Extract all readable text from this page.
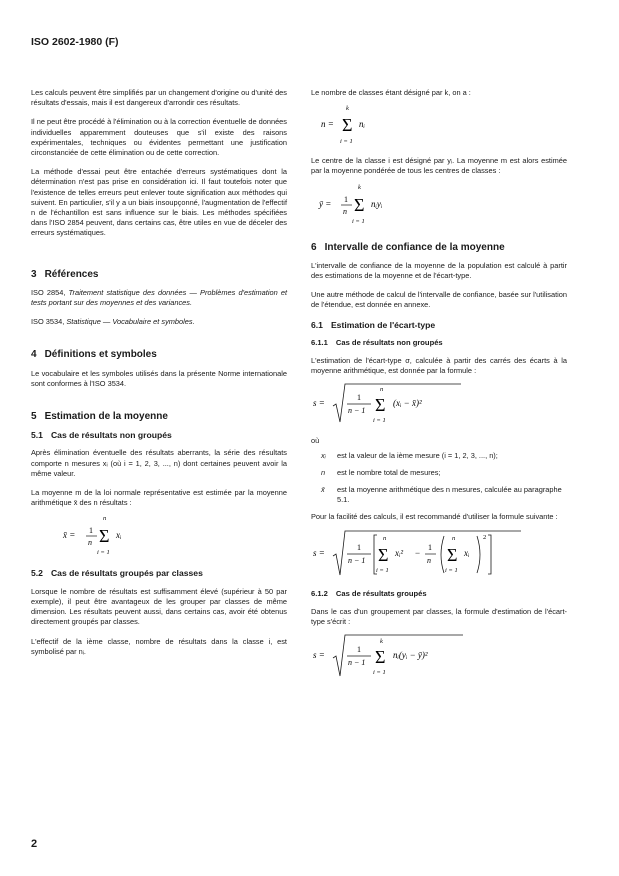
ISO 2602-1980 (F)

Les calculs peuvent être simplifiés par un changement d'origine ou d'unité des résultats d'essais, mais il est dangereux d'arrondir ces résultats.

Il ne peut être procédé à l'élimination ou à la correction éventuelle de données individuelles apparemment douteuses que s'il existe des raisons expérimentales, techniques ou évidentes permettant une justification circonstanciée de cette élimination ou de cette correction.

La méthode d'essai peut être entachée d'erreurs systématiques dont la détermination n'est pas prise en considération ici. Il faut toutefois noter que l'existence de telles erreurs peut enlever toute signification aux méthodes qui suivent. En particulier, s'il y a un biais insoupçonné, l'augmentation de l'effectif n de l'échantillon est sans influence sur le biais. Les méthodes spécifiées dans l'ISO 2854 peuvent, dans certains cas, être utiles en vue de déceler des erreurs systématiques.

3 Références

ISO 2854, Traitement statistique des données — Problèmes d'estimation et tests portant sur des moyennes et des variances.

ISO 3534, Statistique — Vocabulaire et symboles.

4 Définitions et symboles

Le vocabulaire et les symboles utilisés dans la présente Norme internationale sont conformes à l'ISO 3534.

5 Estimation de la moyenne
5.1 Cas de résultats non groupés

Après élimination éventuelle des résultats aberrants, la série des résultats comporte n mesures xᵢ (où i = 1, 2, 3, ..., n) dont certaines peuvent avoir la même valeur.

La moyenne m de la loi normale représentative est estimée par la moyenne arithmétique x̄ des n résultats :

x̄ = 1
n
n
Σ
i = 1
xᵢ
5.2 Cas de résultats groupés par classes

Lorsque le nombre de résultats est suffisamment élevé (supérieur à 50 par exemple), il peut être avantageux de les grouper par classes de même dimension. Les résultats peuvent aussi, dans certains cas, avoir été obtenus directement groupés par classes.

L'effectif de la ième classe, nombre de résultats dans la classe i, est symbolisé par nᵢ.

Le nombre de classes étant désigné par k, on a :

n =
k
Σ
i = 1
nᵢ

Le centre de la classe i est désigné par yᵢ. La moyenne m est alors estimée par la moyenne pondérée de tous les centres de classes :

ȳ = 1
n
k
Σ
i = 1
nᵢyᵢ
6 Intervalle de confiance de la moyenne

L'intervalle de confiance de la moyenne de la population est calculé à partir des estimations de la moyenne et de l'écart-type.

Une autre méthode de calcul de l'intervalle de confiance, basée sur l'utilisation de l'étendue, est donnée en annexe.

6.1 Estimation de l'écart-type
6.1.1 Cas de résultats non groupés

L'estimation de l'écart-type σ, calculée à partir des carrés des écarts à la moyenne arithmétique, est donnée par la formule :

s =
1
n − 1
n
Σ
i = 1
(xᵢ − x̄)²

où

xᵢ	est la valeur de la ième mesure (i = 1, 2, 3, ..., n);
n	est le nombre total de mesures;
x̄	est la moyenne arithmétique des n mesures, calculée au paragraphe 5.1.

Pour la facilité des calculs, il est recommandé d'utiliser la formule suivante :

s =
1
n − 1
n
Σ
i = 1
xᵢ² −
1
n
n
Σ
i = 1
xᵢ
2
6.1.2 Cas de résultats groupés

Dans le cas d'un groupement par classes, la formule d'estimation de l'écart-type s'écrit :

s =
1
n − 1
k
Σ
i = 1
nᵢ(yᵢ − ȳ)²
2
